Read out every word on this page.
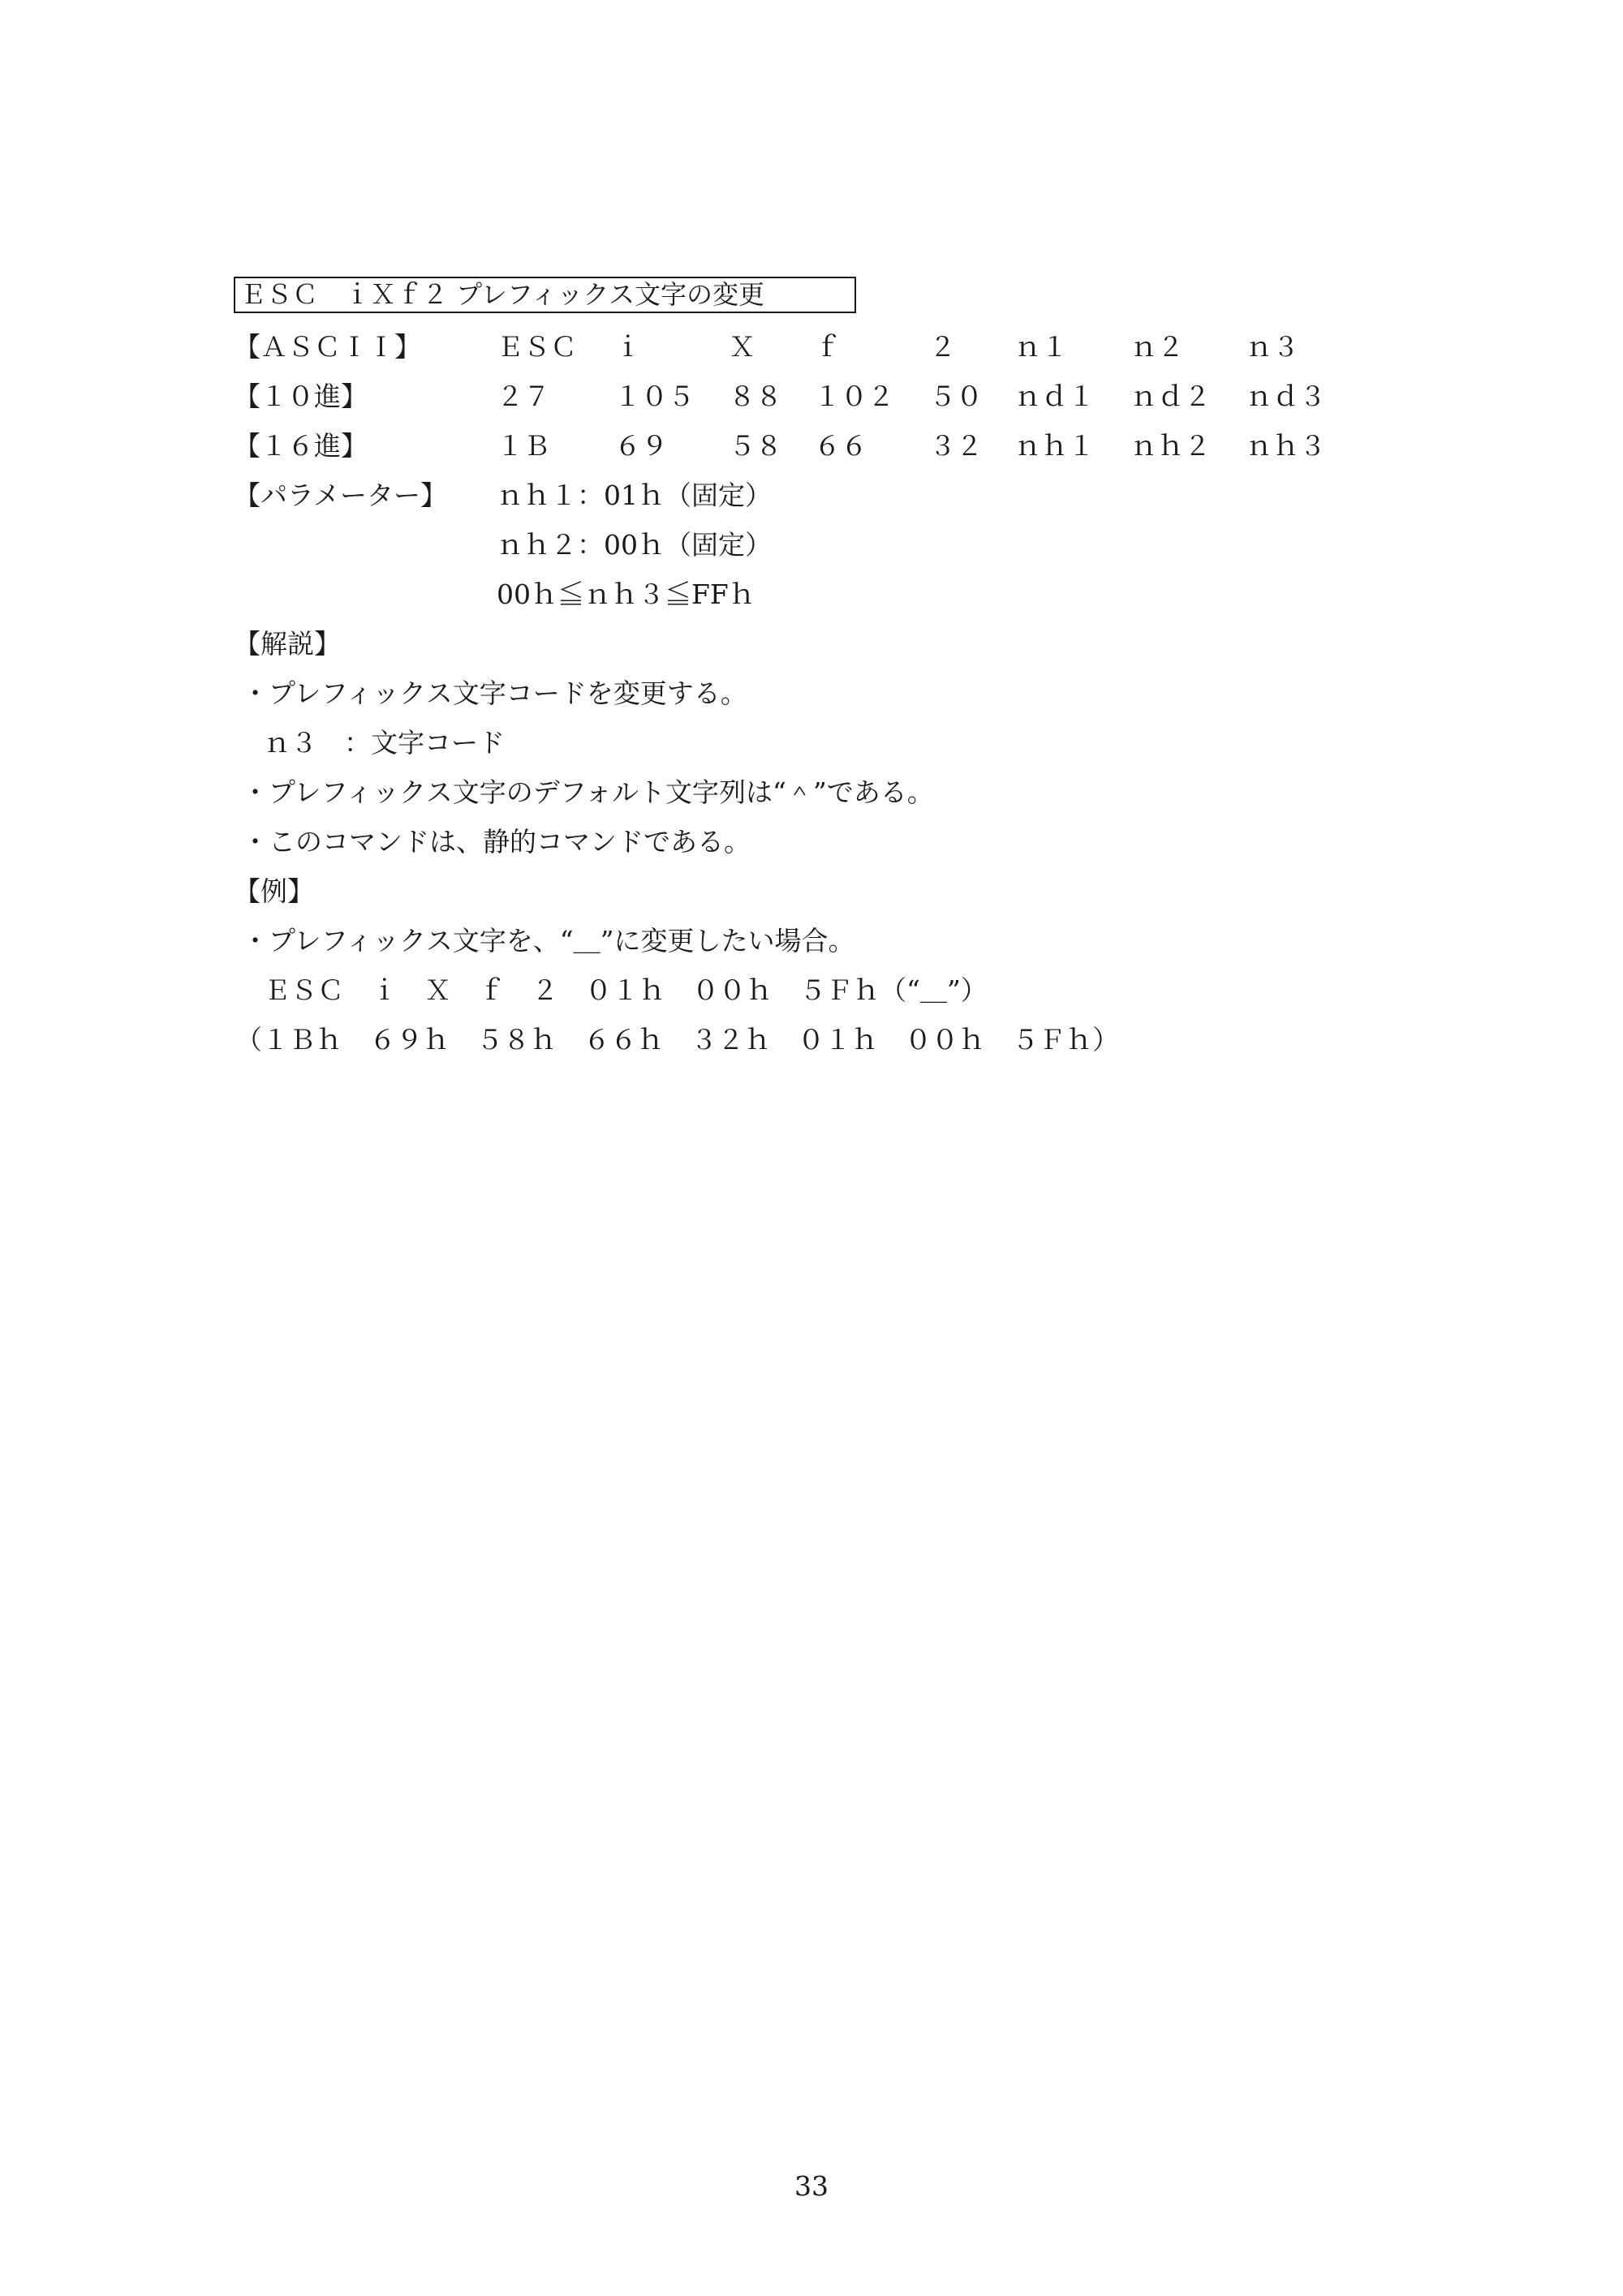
ＥＳＣ　ｉＸｆ２ プレフィックス文字の変更
【ＡＳＣＩＩ】	ＥＳＣ ｉ	Ｘ ｆ	２ ｎ１ ｎ２ ｎ３
【１０進】	２７ １０５ ８８ １０２ ５０ ｎｄ１ ｎｄ２ ｎｄ３
【１６進】	１Ｂ ６９ ５８ ６６ ３２ ｎｈ１ ｎｈ２ ｎｈ３
【パラメーター】 ｎｈ１：01ｈ（固定）
ｎｈ２：00ｈ（固定）
00ｈ≦ｎｈ３≦FFｈ
【解説】
・プレフィックス文字コードを変更する。
ｎ３　：文字コード
・プレフィックス文字のデフォルト文字列は“＾”である。
・このコマンドは、静的コマンドである。
【例】
・プレフィックス文字を、“＿”に変更したい場合。
ＥＳＣ　ｉ　Ｘ　ｆ　２　０１ｈ　００ｈ　５Ｆｈ（“＿”）
（１Ｂｈ　６９ｈ　５８ｈ　６６ｈ　３２ｈ　０１ｈ　００ｈ　５Ｆｈ）
33
